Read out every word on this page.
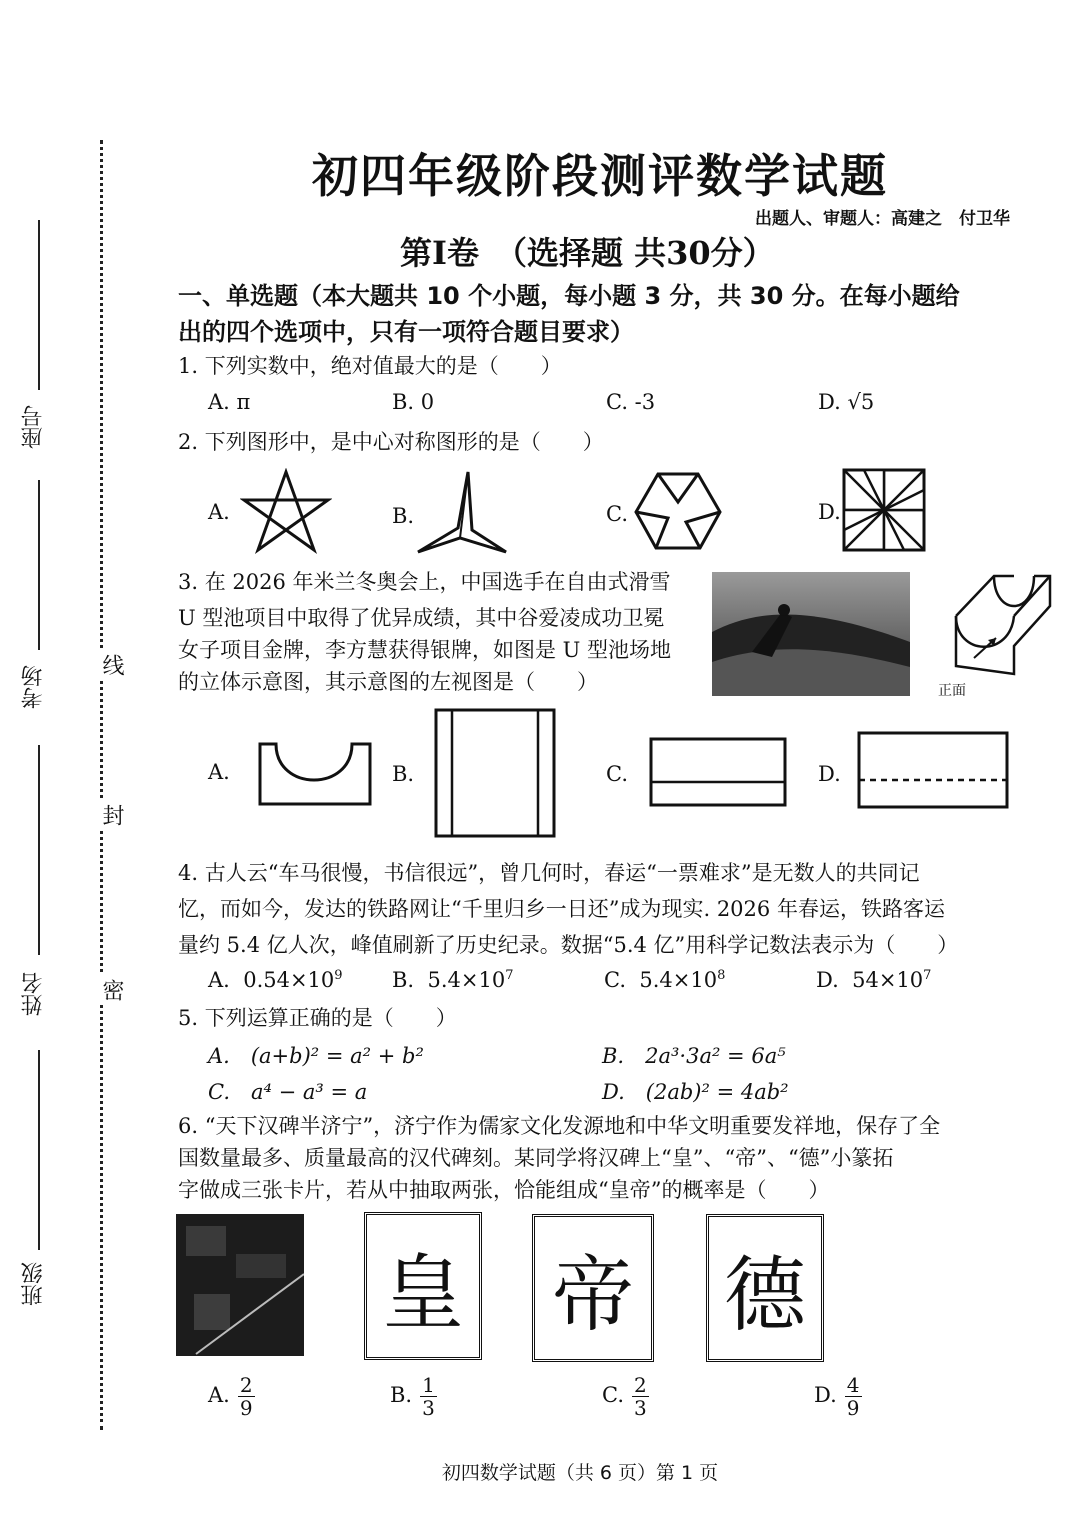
座号
考场
姓名
班级
线
封
密
初四年级阶段测评数学试题
出题人、审题人：高建之　付卫华
第Ⅰ卷　（选择题 共30分）
一、单选题（本大题共 10 个小题，每小题 3 分，共 30 分。在每小题给
出的四个选项中，只有一项符合题目要求）
1. 下列实数中，绝对值最大的是（　　）
A. π	B. 0	C. -3	D. √5
2. 下列图形中，是中心对称图形的是（　　）
A.	B.	C.	D.
3. 在 2026 年米兰冬奥会上，中国选手在自由式滑雪
U 型池项目中取得了优异成绩，其中谷爱凌成功卫冕
女子项目金牌，李方慧获得银牌，如图是 U 型池场地
的立体示意图，其示意图的左视图是（　　）	正面
A.	B.	C.	D.
4. 古人云“车马很慢，书信很远”，曾几何时，春运“一票难求”是无数人的共同记
忆，而如今，发达的铁路网让“千里归乡一日还”成为现实. 2026 年春运，铁路客运
量约 5.4 亿人次，峰值刷新了历史纪录。数据“5.4 亿”用科学记数法表示为（　　）
A. $0.54\times 10^9$ B. $5.4\times 10^7$	C. $5.4\times 10^8$	D. $54\times 10^7$
5. 下列运算正确的是（　　）
A.　(a+b)² = a² + b²	B.　2a³·3a² = 6a⁵
C.　a⁴ − a³ = a	D.　(2ab)² = 4ab²
6. “天下汉碑半济宁”，济宁作为儒家文化发源地和中华文明重要发祥地，保存了全
国数量最多、质量最高的汉代碑刻。某同学将汉碑上“皇”、“帝”、“德”小篆拓
字做成三张卡片，若从中抽取两张，恰能组成“皇帝”的概率是（　　）
皇 帝 德
A. $\frac{2}{9}$	B. $\frac{1}{3}$	C. $\frac{2}{3}$	D. $\frac{4}{9}$
初四数学试题（共 6 页）第 1 页
